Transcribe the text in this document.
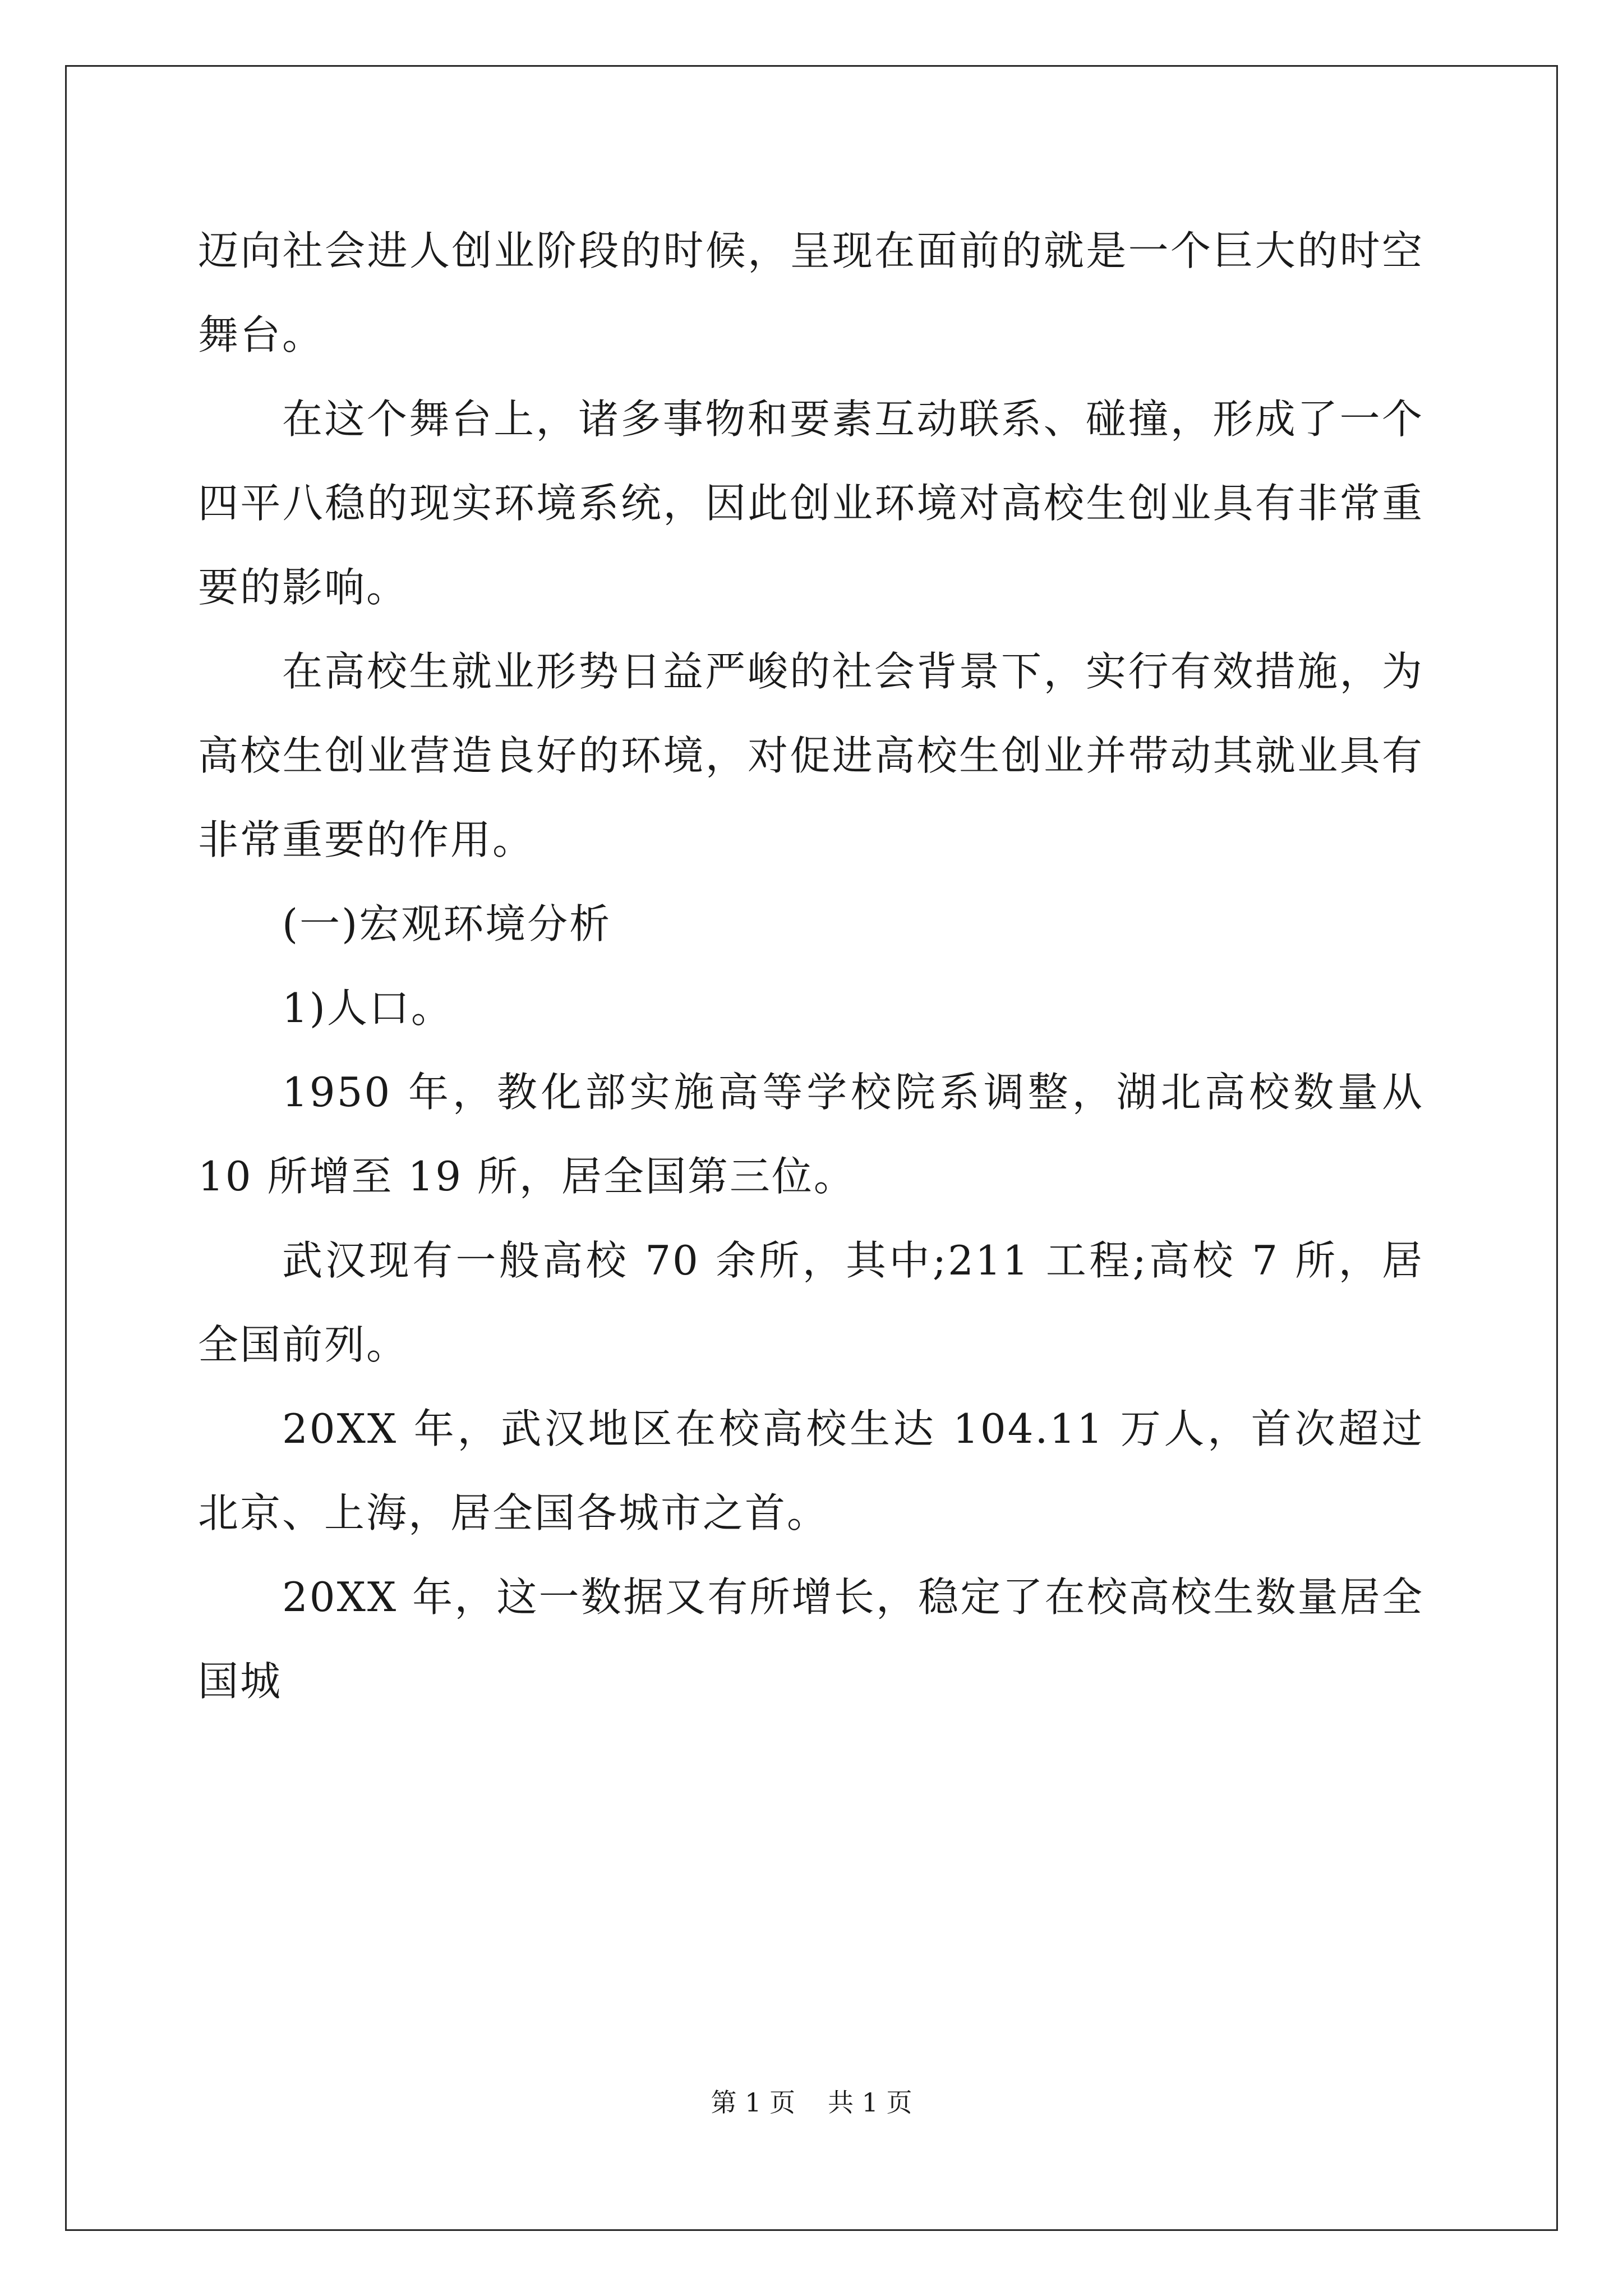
迈向社会进人创业阶段的时候，呈现在面前的就是一个巨大的时空舞台。

在这个舞台上，诸多事物和要素互动联系、碰撞，形成了一个四平八稳的现实环境系统，因此创业环境对高校生创业具有非常重要的影响。

在高校生就业形势日益严峻的社会背景下，实行有效措施，为高校生创业营造良好的环境，对促进高校生创业并带动其就业具有非常重要的作用。

(一)宏观环境分析

1)人口。

1950 年，教化部实施高等学校院系调整，湖北高校数量从 10 所增至 19 所，居全国第三位。

武汉现有一般高校 70 余所，其中;211 工程;高校 7 所，居全国前列。

20XX 年，武汉地区在校高校生达 104.11 万人，首次超过北京、上海，居全国各城市之首。

20XX 年，这一数据又有所增长，稳定了在校高校生数量居全国城

第 1 页 共 1 页
